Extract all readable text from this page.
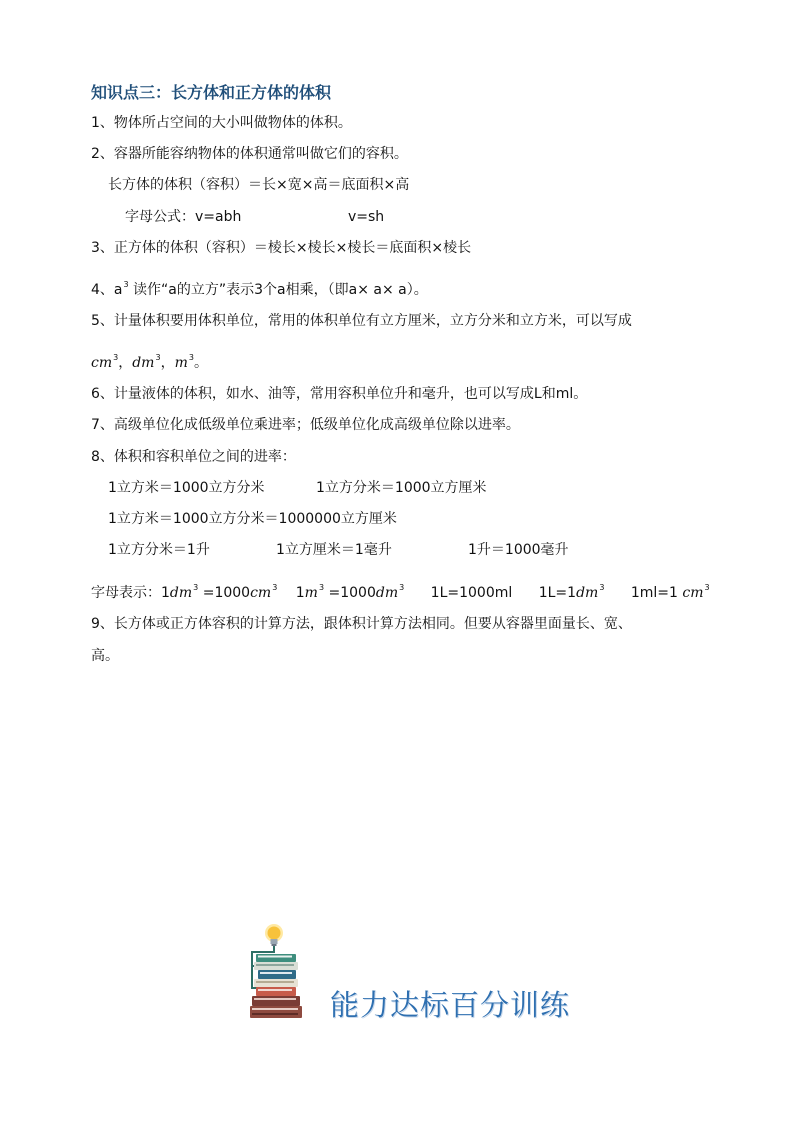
知识点三：长方体和正方体的体积
1、物体所占空间的大小叫做物体的体积。
2、容器所能容纳物体的体积通常叫做它们的容积。
长方体的体积（容积）＝长×宽×高＝底面积×高
字母公式：v=abh	v=sh
3、正方体的体积（容积）＝棱长×棱长×棱长＝底面积×棱长
4、$a^3$ 读作“a的立方”表示3个a相乘，（即a× a× a）。
5、计量体积要用体积单位，常用的体积单位有立方厘米，立方分米和立方米，可以写成
$cm^3$，$dm^3$，$m^3$。
6、计量液体的体积，如水、油等，常用容积单位升和毫升，也可以写成L和ml。
7、高级单位化成低级单位乘进率；低级单位化成高级单位除以进率。
8、体积和容积单位之间的进率：
1立方米＝1000立方分米	1立方分米＝1000立方厘米
1立方米＝1000立方分米＝1000000立方厘米
1立方分米＝1升	1立方厘米＝1毫升	1升＝1000毫升
字母表示：$1dm^3 =1000cm^3$ $1m^3 =1000dm^3$ 1L=1000ml $1L=1dm^3$ 1ml=1 $cm^3$
9、长方体或正方体容积的计算方法，跟体积计算方法相同。但要从容器里面量长、宽、
高。
能力达标百分训练
